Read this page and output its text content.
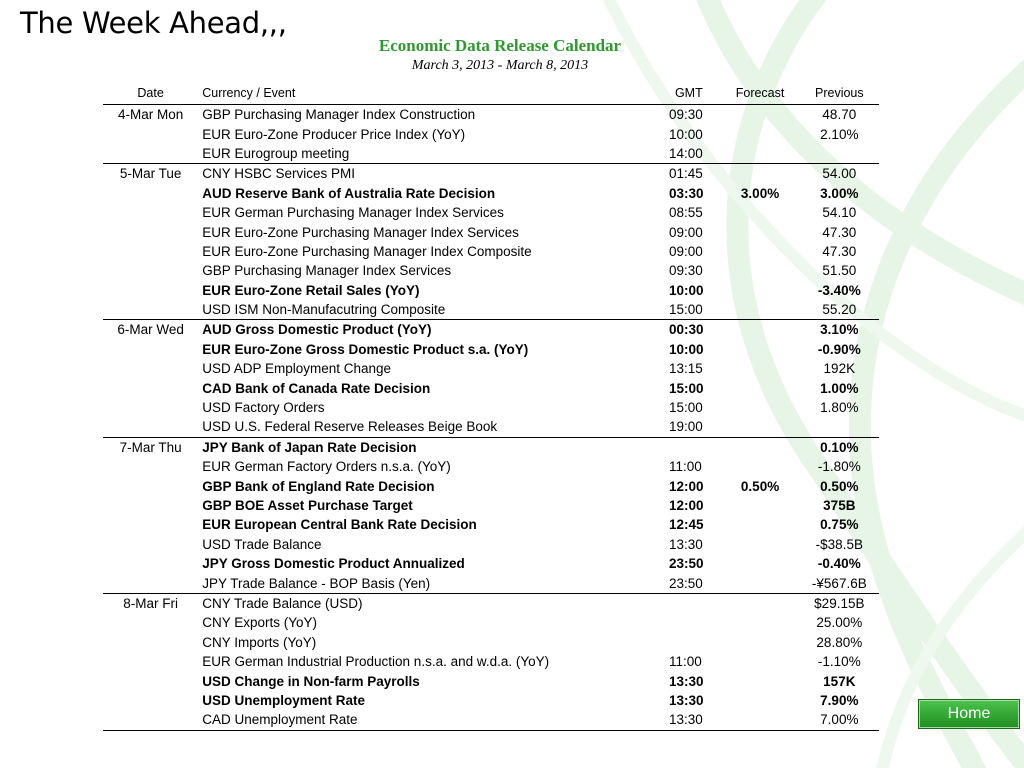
The Week Ahead,,,
Economic Data Release Calendar
March 3, 2013 - March 8, 2013
Date	Currency / Event	GMT	Forecast	Previous
4-Mar Mon	GBP Purchasing Manager Index Construction	09:30		48.70
	EUR Euro-Zone Producer Price Index (YoY)	10:00		2.10%
	EUR Eurogroup meeting	14:00		
5-Mar Tue	CNY HSBC Services PMI	01:45		54.00
	AUD Reserve Bank of Australia Rate Decision	03:30	3.00%	3.00%
	EUR German Purchasing Manager Index Services	08:55		54.10
	EUR Euro-Zone Purchasing Manager Index Services	09:00		47.30
	EUR Euro-Zone Purchasing Manager Index Composite	09:00		47.30
	GBP Purchasing Manager Index Services	09:30		51.50
	EUR Euro-Zone Retail Sales (YoY)	10:00		-3.40%
	USD ISM Non-Manufacutring Composite	15:00		55.20
6-Mar Wed	AUD Gross Domestic Product (YoY)	00:30		3.10%
	EUR Euro-Zone Gross Domestic Product s.a. (YoY)	10:00		-0.90%
	USD ADP Employment Change	13:15		192K
	CAD Bank of Canada Rate Decision	15:00		1.00%
	USD Factory Orders	15:00		1.80%
	USD U.S. Federal Reserve Releases Beige Book	19:00		
7-Mar Thu	JPY Bank of Japan Rate Decision			0.10%
	EUR German Factory Orders n.s.a. (YoY)	11:00		-1.80%
	GBP Bank of England Rate Decision	12:00	0.50%	0.50%
	GBP BOE Asset Purchase Target	12:00		375B
	EUR European Central Bank Rate Decision	12:45		0.75%
	USD Trade Balance	13:30		-$38.5B
	JPY Gross Domestic Product Annualized	23:50		-0.40%
	JPY Trade Balance - BOP Basis (Yen)	23:50		-¥567.6B
8-Mar Fri	CNY Trade Balance (USD)			$29.15B
	CNY Exports (YoY)			25.00%
	CNY Imports (YoY)			28.80%
	EUR German Industrial Production n.s.a. and w.d.a. (YoY)	11:00		-1.10%
	USD Change in Non-farm Payrolls	13:30		157K
	USD Unemployment Rate	13:30		7.90%
	CAD Unemployment Rate	13:30		7.00%	Home
